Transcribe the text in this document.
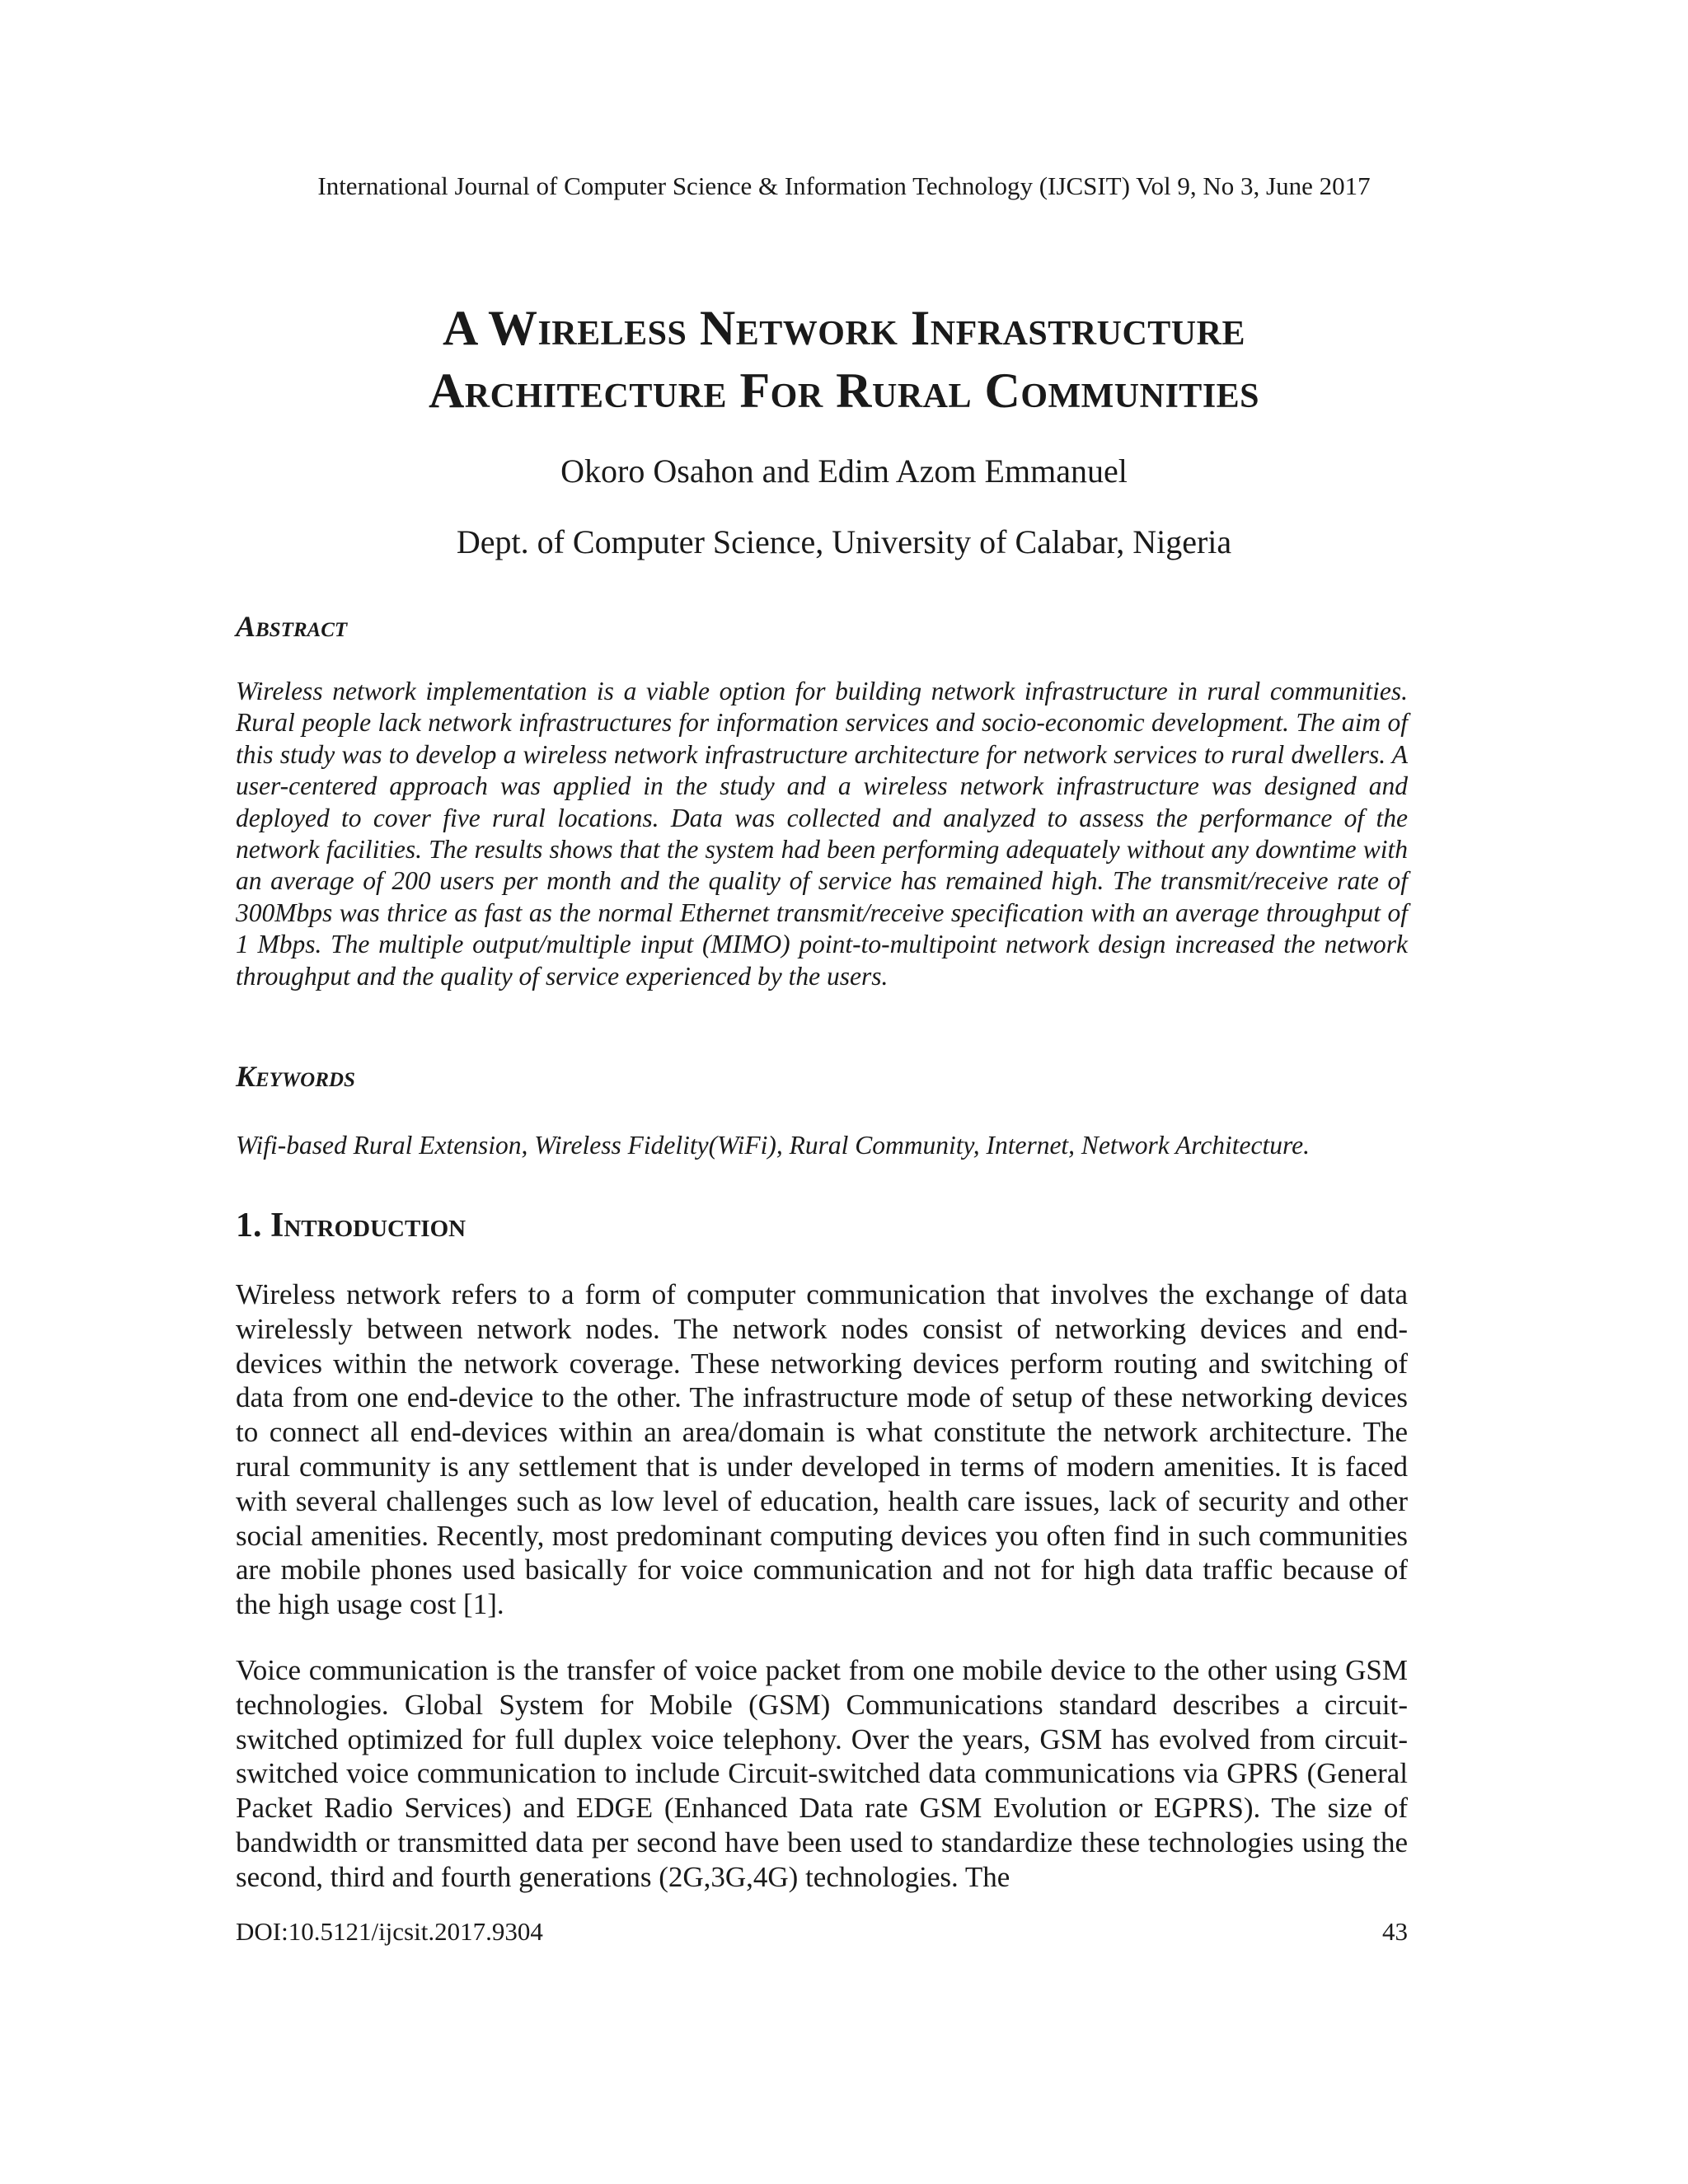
International Journal of Computer Science & Information Technology (IJCSIT) Vol 9, No 3, June 2017
A Wireless Network Infrastructure
Architecture For Rural Communities
Okoro Osahon and Edim Azom Emmanuel
Dept. of Computer Science, University of Calabar, Nigeria
Abstract
Wireless network implementation is a viable option for building network infrastructure in rural communities. Rural people lack network infrastructures for information services and socio-economic development. The aim of this study was to develop a wireless network infrastructure architecture for network services to rural dwellers. A user-centered approach was applied in the study and a wireless network infrastructure was designed and deployed to cover five rural locations. Data was collected and analyzed to assess the performance of the network facilities. The results shows that the system had been performing adequately without any downtime with an average of 200 users per month and the quality of service has remained high. The transmit/receive rate of 300Mbps was thrice as fast as the normal Ethernet transmit/receive specification with an average throughput of 1 Mbps. The multiple output/multiple input (MIMO) point-to-multipoint network design increased the network throughput and the quality of service experienced by the users.
Keywords
Wifi-based Rural Extension, Wireless Fidelity(WiFi), Rural Community, Internet, Network Architecture.
1. Introduction
Wireless network refers to a form of computer communication that involves the exchange of data wirelessly between network nodes. The network nodes consist of networking devices and end-devices within the network coverage. These networking devices perform routing and switching of data from one end-device to the other. The infrastructure mode of setup of these networking devices to connect all end-devices within an area/domain is what constitute the network architecture. The rural community is any settlement that is under developed in terms of modern amenities. It is faced with several challenges such as low level of education, health care issues, lack of security and other social amenities. Recently, most predominant computing devices you often find in such communities are mobile phones used basically for voice communication and not for high data traffic because of the high usage cost [1].
Voice communication is the transfer of voice packet from one mobile device to the other using GSM technologies. Global System for Mobile (GSM) Communications standard describes a circuit-switched optimized for full duplex voice telephony. Over the years, GSM has evolved from circuit-switched voice communication to include Circuit-switched data communications via GPRS (General Packet Radio Services) and EDGE (Enhanced Data rate GSM Evolution or EGPRS). The size of bandwidth or transmitted data per second have been used to standardize these technologies using the second, third and fourth generations (2G,3G,4G) technologies. The
DOI:10.5121/ijcsit.2017.9304	43
